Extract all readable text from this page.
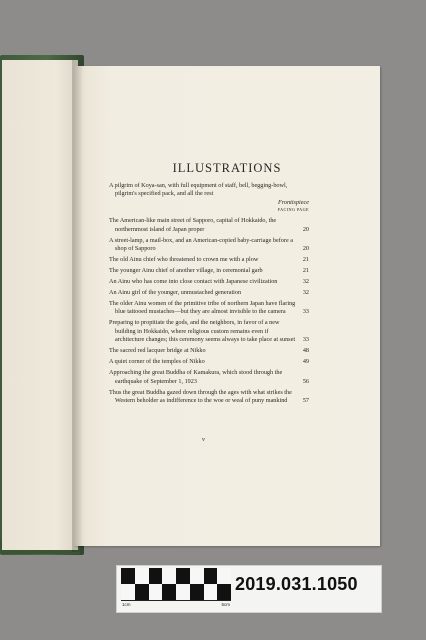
ILLUSTRATIONS
A pilgrim of Koya-san, with full equipment of staff, bell, begging-bowl, pilgrim's specified pack, and all the rest
Frontispiece
FACING PAGE
The American-like main street of Sapporo, capital of Hokkaido, the northernmost island of Japan proper	20
A street-lamp, a mail-box, and an American-copied baby-carriage before a shop of Sapporo	20
The old Ainu chief who threatened to crown me with a plow	21
The younger Ainu chief of another village, in ceremonial garb	21
An Ainu who has come into close contact with Japanese civilization	32
An Ainu girl of the younger, unmustached generation	32
The older Ainu women of the primitive tribe of northern Japan have flaring blue tattooed mustaches—but they are almost invisible to the camera	33
Preparing to propitiate the gods, and the neighbors, in favor of a new building in Hokkaido, where religious custom remains even if architecture changes; this ceremony seems always to take place at sunset	33
The sacred red lacquer bridge at Nikko	48
A quiet corner of the temples of Nikko	49
Approaching the great Buddha of Kamakura, which stood through the earthquake of September 1, 1923	56
Thus the great Buddha gazed down through the ages with what strikes the Western beholder as indifference to the woe or weal of puny mankind	57
v
1cm	5cm
2019.031.1050
